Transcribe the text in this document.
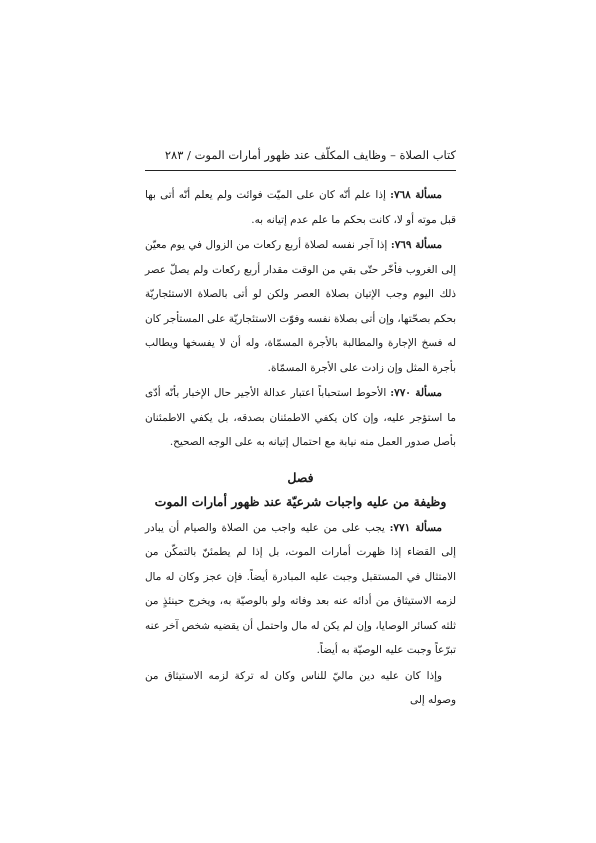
كتاب الصلاة – وظايف المكلّف عند ظهور أمارات الموت / ٢٨٣

مسألة ٧٦٨: إذا علم أنّه كان على الميّت فوائت ولم يعلم أنّه أتى بها قبل موته أو لا، كانت بحكم ما علم عدم إتيانه به.

مسألة ٧٦٩: إذا آجر نفسه لصلاة أربع ركعات من الزوال في يوم معيّن إلى الغروب فأخّر حتّى بقي من الوقت مقدار أربع ركعات ولم يصلّ عصر ذلك اليوم وجب الإتيان بصلاة العصر ولكن لو أتى بالصلاة الاستئجاريّة بحكم بصحّتها، وإن أتى بصلاة نفسه وفوّت الاستئجاريّة على المستأجر كان له فسخ الإجارة والمطالبة بالأجرة المسمّاة، وله أن لا يفسخها ويطالب بأجرة المثل وإن زادت على الأجرة المسمّاة.

مسألة ٧٧٠: الأحوط استحباباً اعتبار عدالة الأجير حال الإخبار بأنّه أدّى ما استؤجر عليه، وإن كان يكفي الاطمئنان بصدقه، بل يكفي الاطمئنان بأصل صدور العمل منه نيابة مع احتمال إتيانه به على الوجه الصحيح.

فصل
وظيفة من عليه واجبات شرعيّة عند ظهور أمارات الموت

مسألة ٧٧١: يجب على من عليه واجب من الصلاة والصيام أن يبادر إلى القضاء إذا ظهرت أمارات الموت، بل إذا لم يطمئنّ بالتمكّن من الامتثال في المستقبل وجبت عليه المبادرة أيضاً. فإن عجز وكان له مال لزمه الاستيثاق من أدائه عنه بعد وفاته ولو بالوصيّة به، ويخرج حينئذٍ من ثلثه كسائر الوصايا، وإن لم يكن له مال واحتمل أن يقضيه شخص آخر عنه تبرّعاً وجبت عليه الوصيّة به أيضاً.

وإذا كان عليه دين ماليّ للناس وكان له تركة لزمه الاستيثاق من وصوله إلى
